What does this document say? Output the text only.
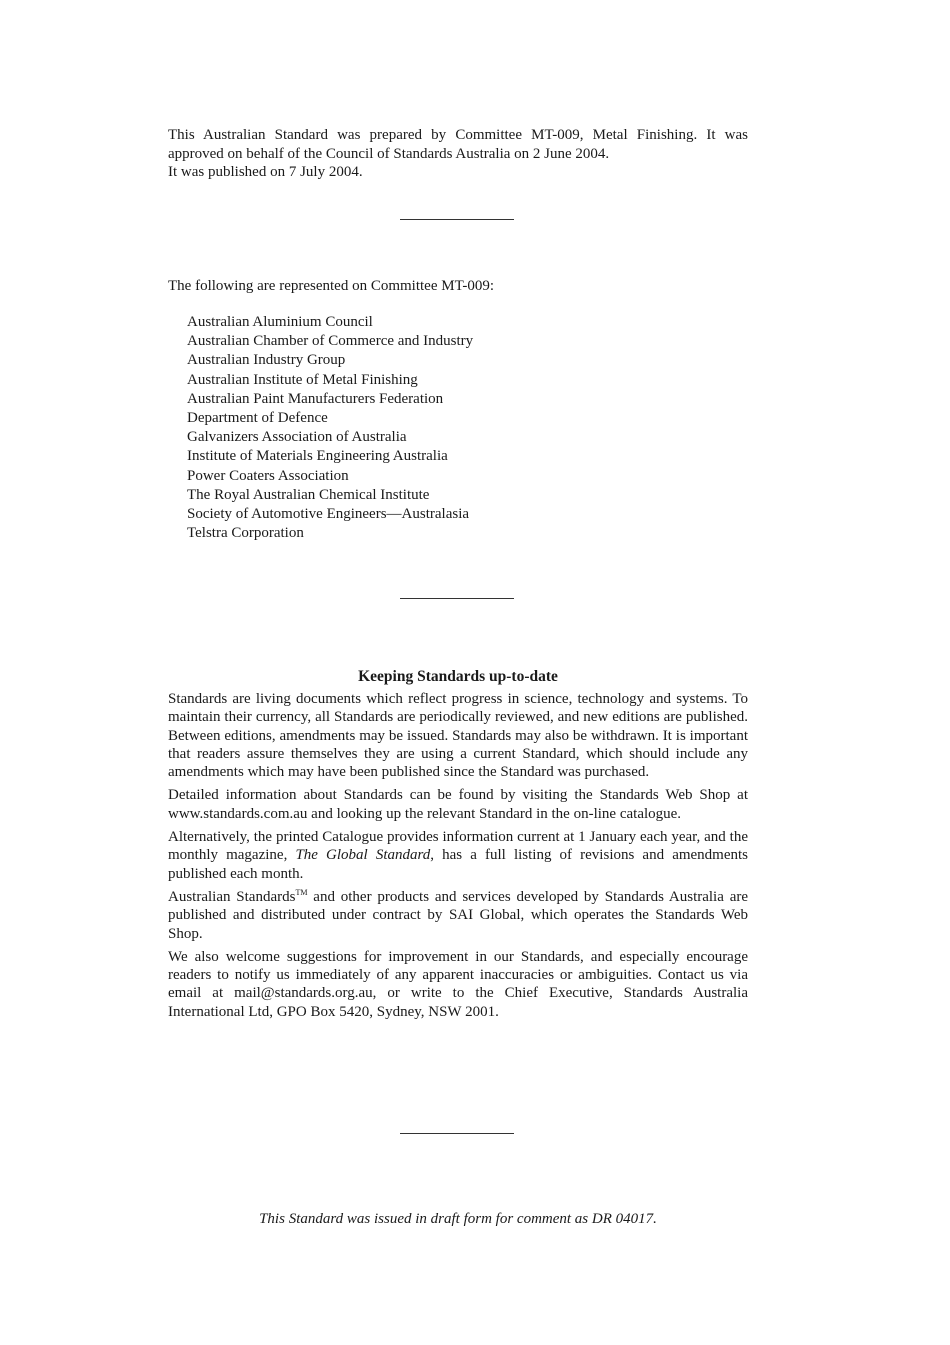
This Australian Standard was prepared by Committee MT-009, Metal Finishing. It was approved on behalf of the Council of Standards Australia on 2 June 2004.
It was published on 7 July 2004.

The following are represented on Committee MT-009:

Australian Aluminium Council
Australian Chamber of Commerce and Industry
Australian Industry Group
Australian Institute of Metal Finishing
Australian Paint Manufacturers Federation
Department of Defence
Galvanizers Association of Australia
Institute of Materials Engineering Australia
Power Coaters Association
The Royal Australian Chemical Institute
Society of Automotive Engineers—Australasia
Telstra Corporation
Keeping Standards up-to-date

Standards are living documents which reflect progress in science, technology and systems. To maintain their currency, all Standards are periodically reviewed, and new editions are published. Between editions, amendments may be issued. Standards may also be withdrawn. It is important that readers assure themselves they are using a current Standard, which should include any amendments which may have been published since the Standard was purchased.

Detailed information about Standards can be found by visiting the Standards Web Shop at www.standards.com.au and looking up the relevant Standard in the on-line catalogue.

Alternatively, the printed Catalogue provides information current at 1 January each year, and the monthly magazine, The Global Standard, has a full listing of revisions and amendments published each month.

Australian Standards™ and other products and services developed by Standards Australia are published and distributed under contract by SAI Global, which operates the Standards Web Shop.

We also welcome suggestions for improvement in our Standards, and especially encourage readers to notify us immediately of any apparent inaccuracies or ambiguities. Contact us via email at mail@standards.org.au, or write to the Chief Executive, Standards Australia International Ltd, GPO Box 5420, Sydney, NSW 2001.

This Standard was issued in draft form for comment as DR 04017.
